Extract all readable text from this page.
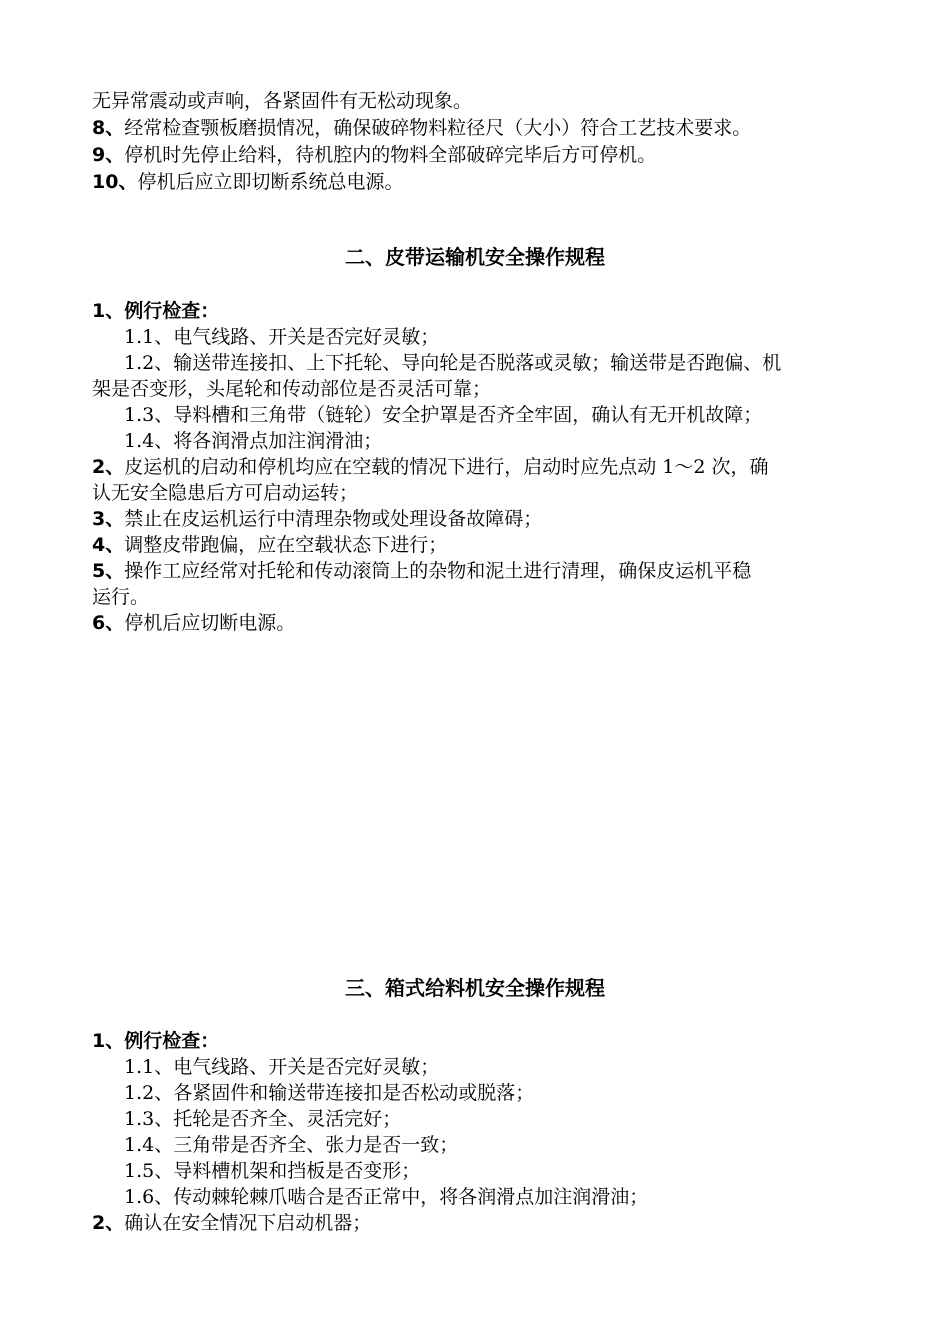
无异常震动或声响，各紧固件有无松动现象。
8、经常检查颚板磨损情况，确保破碎物料粒径尺（大小）符合工艺技术要求。
9、停机时先停止给料，待机腔内的物料全部破碎完毕后方可停机。
10、停机后应立即切断系统总电源。
二、皮带运输机安全操作规程
1、例行检查：
1.1、电气线路、开关是否完好灵敏；
1.2、输送带连接扣、上下托轮、导向轮是否脱落或灵敏；输送带是否跑偏、机
架是否变形，头尾轮和传动部位是否灵活可靠；
1.3、导料槽和三角带（链轮）安全护罩是否齐全牢固，确认有无开机故障；
1.4、将各润滑点加注润滑油；
2、皮运机的启动和停机均应在空载的情况下进行，启动时应先点动 1～2 次，确
认无安全隐患后方可启动运转；
3、禁止在皮运机运行中清理杂物或处理设备故障碍；
4、调整皮带跑偏，应在空载状态下进行；
5、操作工应经常对托轮和传动滚筒上的杂物和泥土进行清理，确保皮运机平稳
运行。
6、停机后应切断电源。
三、箱式给料机安全操作规程
1、例行检查：
1.1、电气线路、开关是否完好灵敏；
1.2、各紧固件和输送带连接扣是否松动或脱落；
1.3、托轮是否齐全、灵活完好；
1.4、三角带是否齐全、张力是否一致；
1.5、导料槽机架和挡板是否变形；
1.6、传动棘轮棘爪啮合是否正常中，将各润滑点加注润滑油；
2、确认在安全情况下启动机器；
